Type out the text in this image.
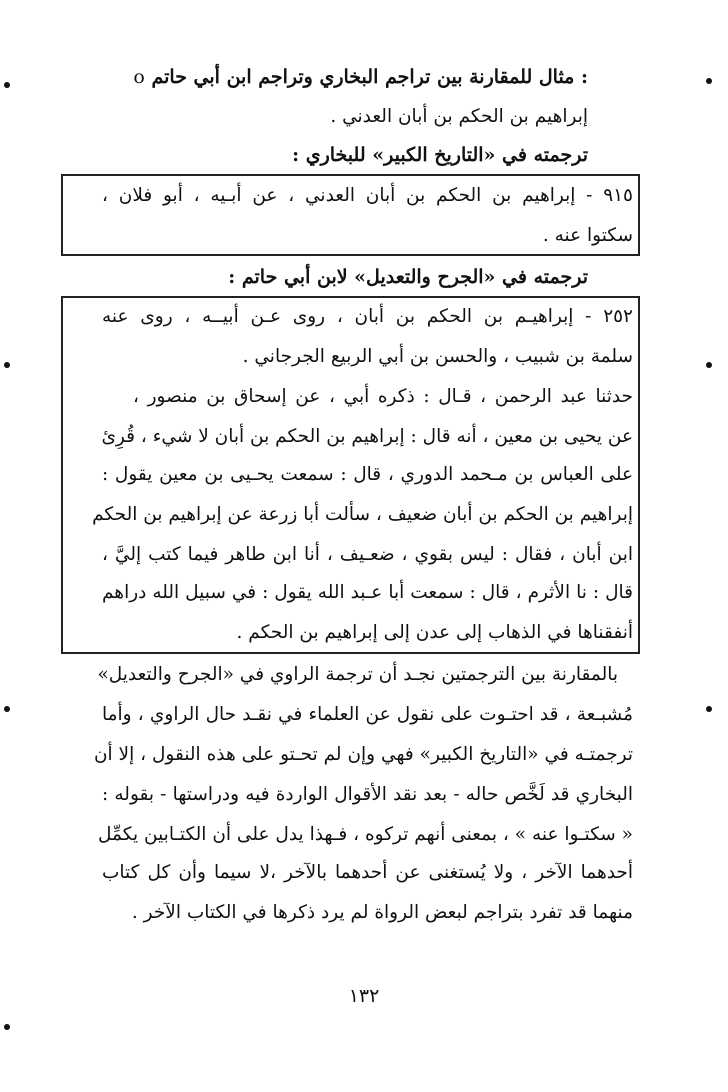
o مثال للمقارنة بين تراجم البخاري وتراجم ابن أبي حاتم :
إبراهيم بن الحكم بن أبان العدني .
ترجمته في «التاريخ الكبير» للبخاري :
٩١٥ - إبراهيم بن الحكم بن أبان العدني ، عن أبـيه ، أبو فلان ،
سكتوا عنه .
ترجمته في «الجرح والتعديل» لابن أبي حاتم :
٢٥٢ - إبراهيـم بن الحكم بن أبان ، روى عـن أبيــه ، روى عنه
سلمة بن شبيب ، والحسن بن أبي الربيع الجرجاني .
حدثنا عبد الرحمن ، قـال : ذكره أبي ، عن إسحاق بن منصور ،
عن يحيى بن معين ، أنه قال : إبراهيم بن الحكم بن أبان لا شيء ، قُرِئ
على العباس بن مـحمد الدوري ، قال : سمعت يحـيى بن معين يقول :
إبراهيم بن الحكم بن أبان ضعيف ، سألت أبا زرعة عن إبراهيم بن الحكم
ابن أبان ، فقال : ليس بقوي ، ضعـيف ، أنا ابن طاهر فيما كتب إليَّ ،
قال : نا الأثرم ، قال : سمعت أبا عـبد الله يقول : في سبيل الله دراهم
أنفقناها في الذهاب إلى عدن إلى إبراهيم بن الحكم .
بالمقارنة بين الترجمتين نجـد أن ترجمة الراوي في «الجرح والتعديل»
مُشبـعة ، قد احتـوت على نقول عن العلماء في نقـد حال الراوي ، وأما
ترجمتـه في «التاريخ الكبير» فهي وإن لم تحـتو على هذه النقول ، إلا أن
البخاري قد لَخَّص حاله - بعد نقد الأقوال الواردة فيه ودراستها - بقوله :
« سكتـوا عنه » ، بمعنى أنهم تركوه ، فـهذا يدل على أن الكتـابين يكمِّل
أحدهما الآخر ، ولا يُستغنى عن أحدهما بالآخر ،لا سيما وأن كل كتاب
منهما قد تفرد بتراجم لبعض الرواة لم يرد ذكرها في الكتاب الآخر .
١٣٢
